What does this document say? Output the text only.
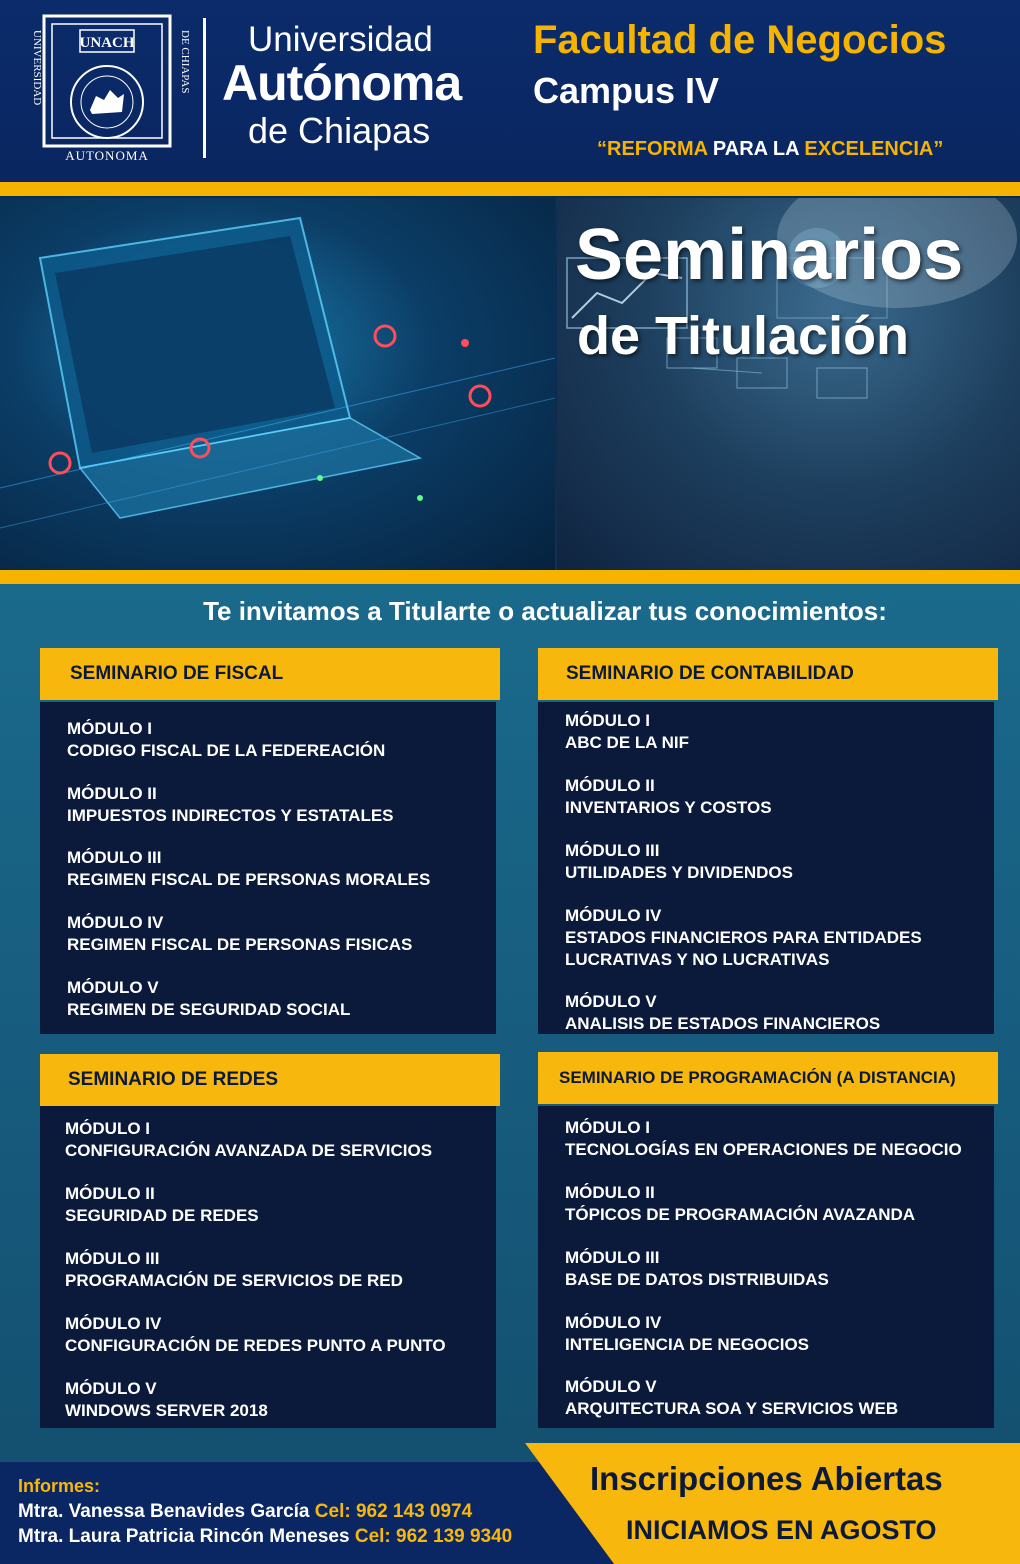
UNACH
UNIVERSIDAD	DE CHIAPAS
AUTONOMA
Universidad
Autónoma
de Chiapas
Facultad de Negocios
Campus IV
“REFORMA PARA LA EXCELENCIA”
Seminarios
de Titulación
Te invitamos a Titularte o actualizar tus conocimientos:
SEMINARIO DE FISCAL
MÓDULO I
CODIGO FISCAL DE LA FEDEREACIÓN
MÓDULO II
IMPUESTOS INDIRECTOS Y ESTATALES
MÓDULO III
REGIMEN FISCAL DE PERSONAS MORALES
MÓDULO IV
REGIMEN FISCAL DE PERSONAS FISICAS
MÓDULO V
REGIMEN DE SEGURIDAD SOCIAL
SEMINARIO DE CONTABILIDAD
MÓDULO I
ABC DE LA NIF
MÓDULO II
INVENTARIOS Y COSTOS
MÓDULO III
UTILIDADES Y DIVIDENDOS
MÓDULO IV
ESTADOS FINANCIEROS PARA ENTIDADES
LUCRATIVAS Y NO LUCRATIVAS
MÓDULO V
ANALISIS DE ESTADOS FINANCIEROS
SEMINARIO DE REDES
MÓDULO I
CONFIGURACIÓN AVANZADA DE SERVICIOS
MÓDULO II
SEGURIDAD DE REDES
MÓDULO III
PROGRAMACIÓN DE SERVICIOS DE RED
MÓDULO IV
CONFIGURACIÓN DE REDES PUNTO A PUNTO
MÓDULO V
WINDOWS SERVER 2018
SEMINARIO DE PROGRAMACIÓN (A DISTANCIA)
MÓDULO I
TECNOLOGÍAS EN OPERACIONES DE NEGOCIO
MÓDULO II
TÓPICOS DE PROGRAMACIÓN AVAZANDA
MÓDULO III
BASE DE DATOS DISTRIBUIDAS
MÓDULO IV
INTELIGENCIA DE NEGOCIOS
MÓDULO V
ARQUITECTURA SOA Y SERVICIOS WEB
Informes:
Mtra. Vanessa Benavides García Cel: 962 143 0974
Mtra. Laura Patricia Rincón Meneses Cel: 962 139 9340
Inscripciones Abiertas
INICIAMOS EN AGOSTO
